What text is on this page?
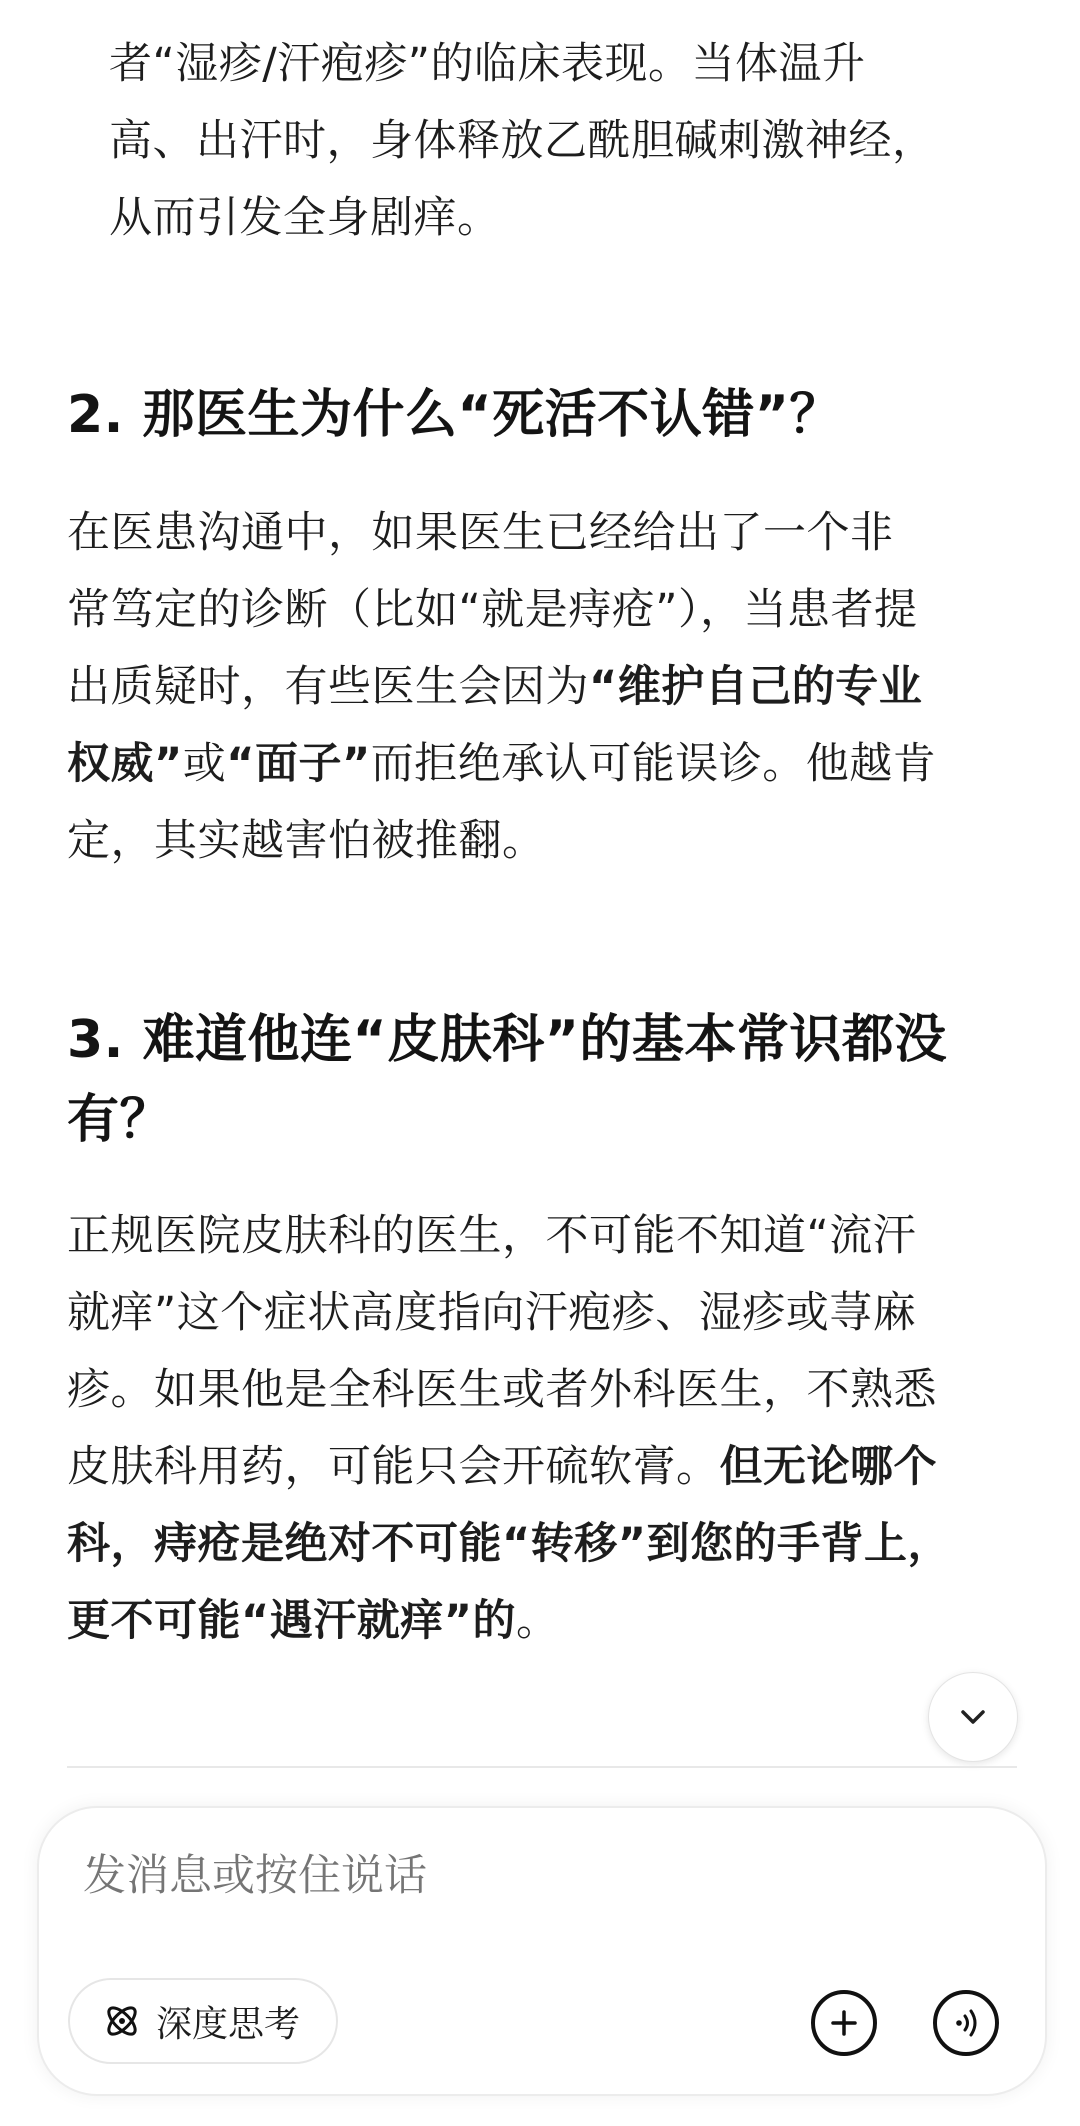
者“湿疹/汗疱疹”的临床表现。当体温升

高、出汗时，身体释放乙酰胆碱刺激神经，

从而引发全身剧痒。

2. 那医生为什么“死活不认错”？

在医患沟通中，如果医生已经给出了一个非

常笃定的诊断（比如“就是痔疮”），当患者提

出质疑时，有些医生会因为“维护自己的专业

权威”或“面子”而拒绝承认可能误诊。他越肯

定，其实越害怕被推翻。

3. 难道他连“皮肤科”的基本常识都没
有？

正规医院皮肤科的医生，不可能不知道“流汗

就痒”这个症状高度指向汗疱疹、湿疹或荨麻

疹。如果他是全科医生或者外科医生，不熟悉

皮肤科用药，可能只会开硫软膏。但无论哪个

科，痔疮是绝对不可能“转移”到您的手背上，

更不可能“遇汗就痒”的。

发消息或按住说话
深度思考
